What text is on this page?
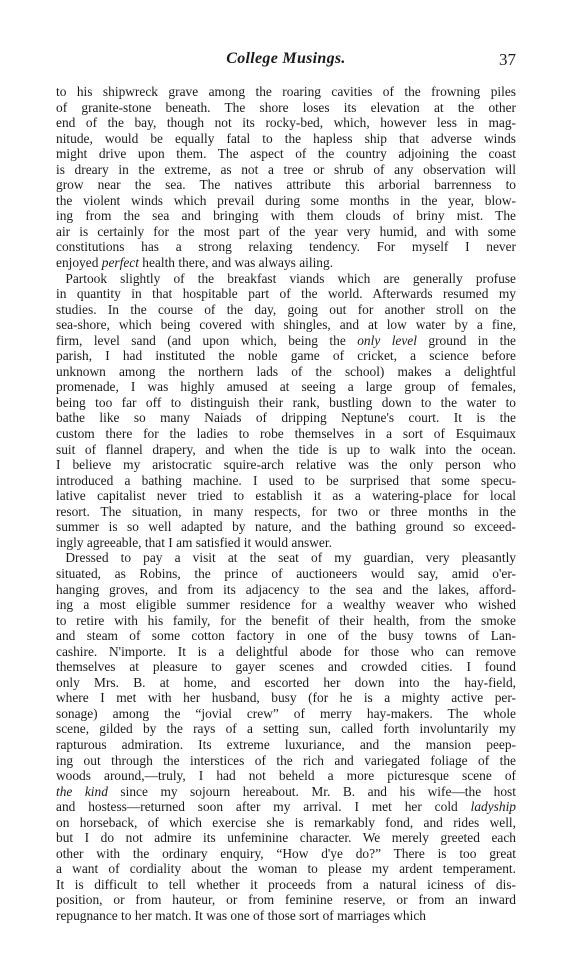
College Musings.	37
to his shipwreck grave among the roaring cavities of the frowning piles
of granite-stone beneath. The shore loses its elevation at the other
end of the bay, though not its rocky-bed, which, however less in mag-
nitude, would be equally fatal to the hapless ship that adverse winds
might drive upon them. The aspect of the country adjoining the coast
is dreary in the extreme, as not a tree or shrub of any observation will
grow near the sea. The natives attribute this arborial barrenness to
the violent winds which prevail during some months in the year, blow-
ing from the sea and bringing with them clouds of briny mist. The
air is certainly for the most part of the year very humid, and with some
constitutions has a strong relaxing tendency. For myself I never
enjoyed perfect health there, and was always ailing.
Partook slightly of the breakfast viands which are generally profuse
in quantity in that hospitable part of the world. Afterwards resumed my
studies. In the course of the day, going out for another stroll on the
sea-shore, which being covered with shingles, and at low water by a fine,
firm, level sand (and upon which, being the only level ground in the
parish, I had instituted the noble game of cricket, a science before
unknown among the northern lads of the school) makes a delightful
promenade, I was highly amused at seeing a large group of females,
being too far off to distinguish their rank, bustling down to the water to
bathe like so many Naiads of dripping Neptune's court. It is the
custom there for the ladies to robe themselves in a sort of Esquimaux
suit of flannel drapery, and when the tide is up to walk into the ocean.
I believe my aristocratic squire-arch relative was the only person who
introduced a bathing machine. I used to be surprised that some specu-
lative capitalist never tried to establish it as a watering-place for local
resort. The situation, in many respects, for two or three months in the
summer is so well adapted by nature, and the bathing ground so exceed-
ingly agreeable, that I am satisfied it would answer.
Dressed to pay a visit at the seat of my guardian, very pleasantly
situated, as Robins, the prince of auctioneers would say, amid o'er-
hanging groves, and from its adjacency to the sea and the lakes, afford-
ing a most eligible summer residence for a wealthy weaver who wished
to retire with his family, for the benefit of their health, from the smoke
and steam of some cotton factory in one of the busy towns of Lan-
cashire. N'importe. It is a delightful abode for those who can remove
themselves at pleasure to gayer scenes and crowded cities. I found
only Mrs. B. at home, and escorted her down into the hay-field,
where I met with her husband, busy (for he is a mighty active per-
sonage) among the “jovial crew” of merry hay-makers. The whole
scene, gilded by the rays of a setting sun, called forth involuntarily my
rapturous admiration. Its extreme luxuriance, and the mansion peep-
ing out through the interstices of the rich and variegated foliage of the
woods around,—truly, I had not beheld a more picturesque scene of
the kind since my sojourn hereabout. Mr. B. and his wife—the host
and hostess—returned soon after my arrival. I met her cold ladyship
on horseback, of which exercise she is remarkably fond, and rides well,
but I do not admire its unfeminine character. We merely greeted each
other with the ordinary enquiry, “How d'ye do?” There is too great
a want of cordiality about the woman to please my ardent temperament.
It is difficult to tell whether it proceeds from a natural iciness of dis-
position, or from hauteur, or from feminine reserve, or from an inward
repugnance to her match. It was one of those sort of marriages which
